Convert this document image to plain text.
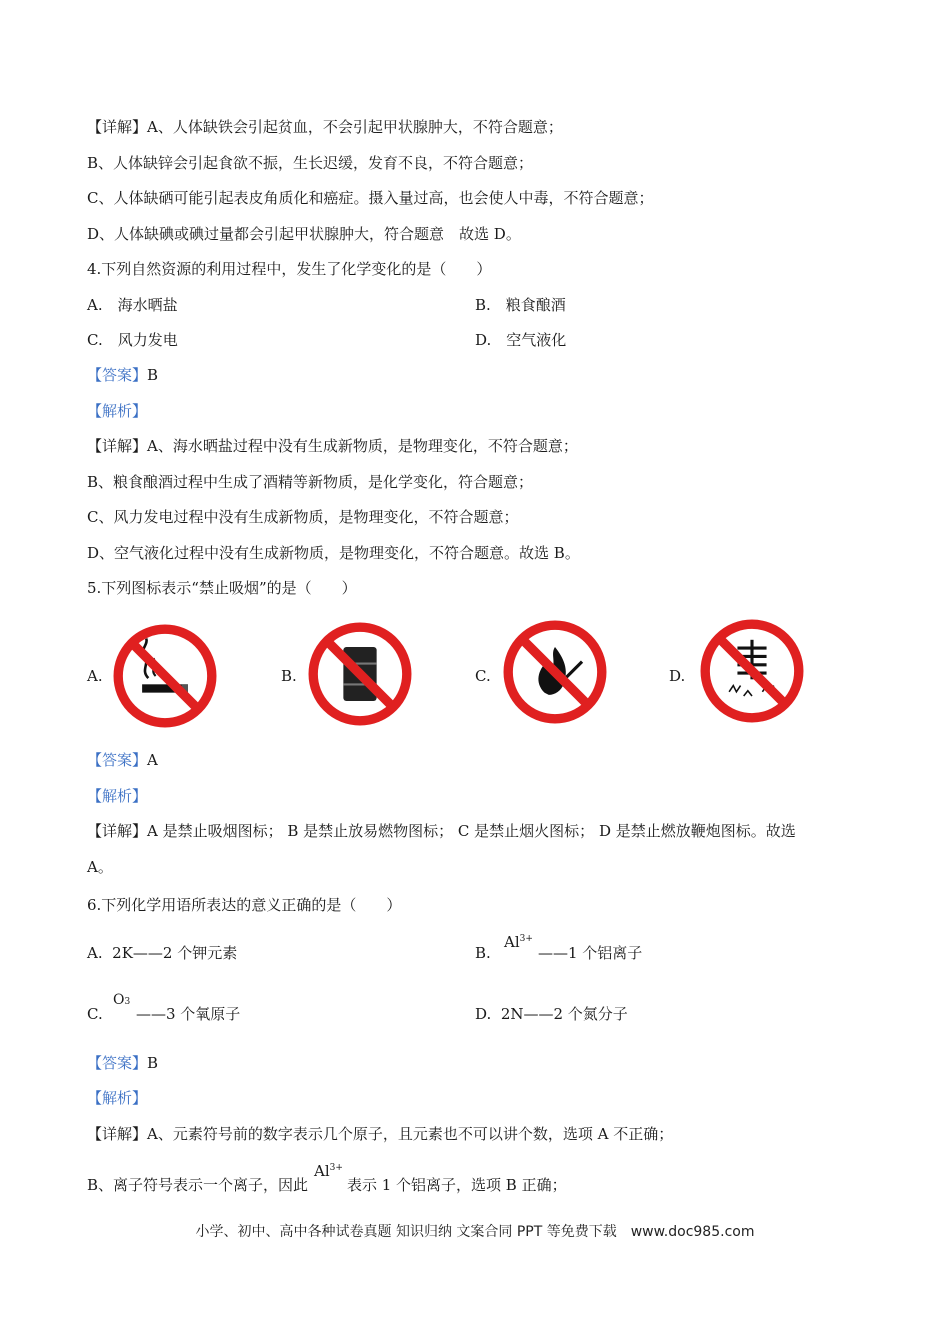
【详解】A、人体缺铁会引起贫血，不会引起甲状腺肿大，不符合题意；
B、人体缺锌会引起食欲不振，生长迟缓，发育不良，不符合题意；
C、人体缺硒可能引起表皮角质化和癌症。摄入量过高，也会使人中毒，不符合题意；
D、人体缺碘或碘过量都会引起甲状腺肿大，符合题意　故选 D。
4.下列自然资源的利用过程中，发生了化学变化的是（　　）
A.　海水晒盐	B.　粮食酿酒
C.　风力发电	D.　空气液化
【答案】B
【解析】
【详解】A、海水晒盐过程中没有生成新物质，是物理变化，不符合题意；
B、粮食酿酒过程中生成了酒精等新物质，是化学变化，符合题意；
C、风力发电过程中没有生成新物质，是物理变化，不符合题意；
D、空气液化过程中没有生成新物质，是物理变化，不符合题意。故选 B。
5.下列图标表示“禁止吸烟”的是（　　）
A.	B.	C.	D.
【答案】A
【解析】
【详解】A 是禁止吸烟图标； B 是禁止放易燃物图标； C 是禁止烟火图标； D 是禁止燃放鞭炮图标。故选
A。
6.下列化学用语所表达的意义正确的是（　　）
A. 2K——2 个钾元素	B.
$Al^{3+}$
——1 个铝离子
C.
O3
——3 个氧原子	D. 2N——2 个氮分子
【答案】B
【解析】
【详解】A、元素符号前的数字表示几个原子，且元素也不可以讲个数，选项 A 不正确；
B、离子符号表示一个离子，因此$Al^{3+}$表示 1 个铝离子，选项 B 正确；
小学、初中、高中各种试卷真题 知识归纳 文案合同 PPT 等免费下载　www.doc985.com
